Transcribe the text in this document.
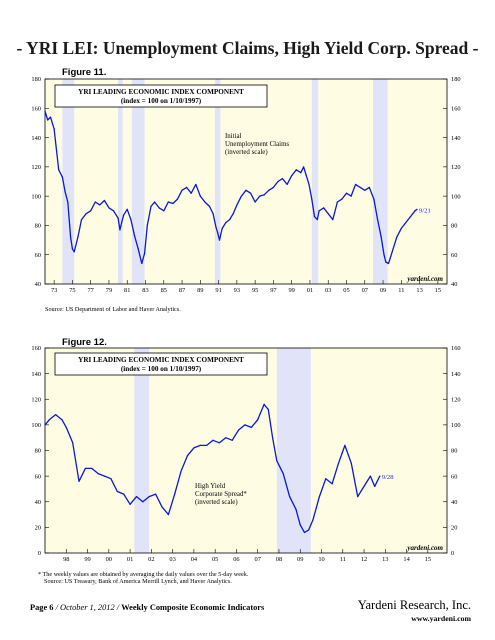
- YRI LEI: Unemployment Claims, High Yield Corp. Spread -
Figure 11.
40	40
60	60
80	80
100	100
120	120
140	140
160	160
180	180
73 75 77 79 81 83 85 87 89 91 93 95 97 99 01 03 05 07 09 11 13 15
9/21
YRI LEADING ECONOMIC INDEX COMPONENT
(index = 100 on 1/10/1997)
Initial
Unemployment Claims
(inverted scale)
yardeni.com
Source: US Department of Labor and Haver Analytics.
Figure 12.
0	0
20	20
40	40
60	60
80	80
100	100
120	120
140	140
160	160
98 99 00 01 02 03 04 05 06 07 08 09 10 11 12 13 14 15
9/28
YRI LEADING ECONOMIC INDEX COMPONENT
(index = 100 on 1/10/1997)
High Yield
Corporate Spread*
(inverted scale)
yardeni.com
* The weekly values are obtained by averaging the daily values over the 5-day week.
Source: US Treasury, Bank of America Merrill Lynch, and Haver Analytics.
Page 6 / October 1, 2012 / Weekly Composite Economic Indicators	Yardeni Research, Inc.
www.yardeni.com
